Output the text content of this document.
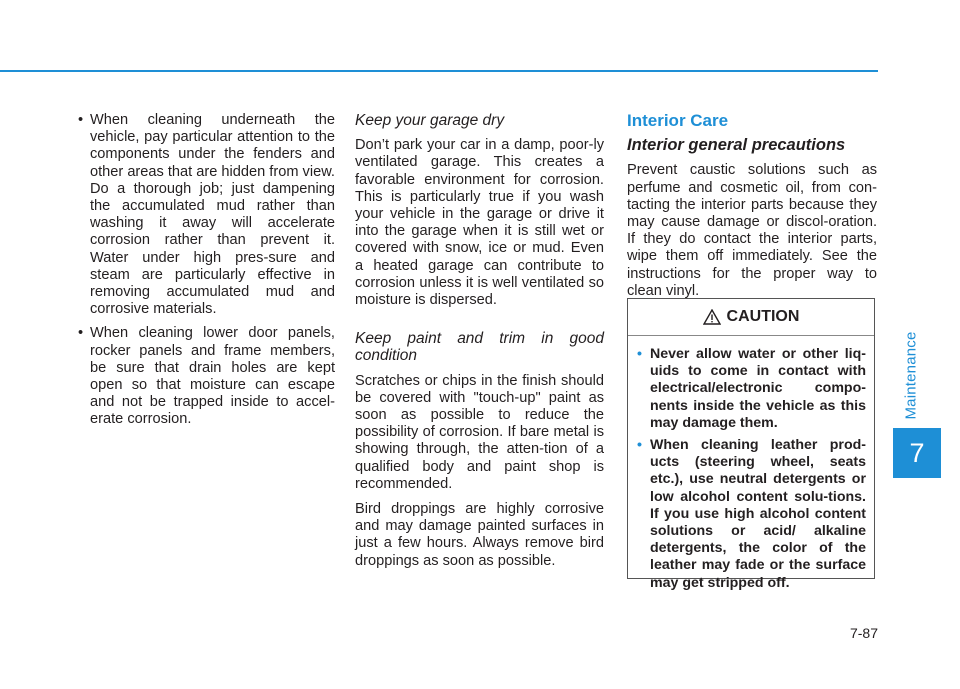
Maintenance
7
7-87
• When cleaning underneath the vehicle, pay particular attention to the components under the fenders and other areas that are hidden from view. Do a thorough job; just dampening the accumulated mud rather than washing it away will accelerate corrosion rather than prevent it. Water under high pres-sure and steam are particularly effective in removing accumulated mud and corrosive materials.
• When cleaning lower door panels, rocker panels and frame members, be sure that drain holes are kept open so that moisture can escape and not be trapped inside to accel-erate corrosion.

Keep your garage dry

Don’t park your car in a damp, poor-ly ventilated garage. This creates a favorable environment for corrosion. This is particularly true if you wash your vehicle in the garage or drive it into the garage when it is still wet or covered with snow, ice or mud. Even a heated garage can contribute to corrosion unless it is well ventilated so moisture is dispersed.

Keep paint and trim in good condition

Scratches or chips in the finish should be covered with "touch-up" paint as soon as possible to reduce the possibility of corrosion. If bare metal is showing through, the atten-tion of a qualified body and paint shop is recommended.

Bird droppings are highly corrosive and may damage painted surfaces in just a few hours. Always remove bird droppings as soon as possible.

Interior Care

Interior general precautions

Prevent caustic solutions such as perfume and cosmetic oil, from con-tacting the interior parts because they may cause damage or discol-oration. If they do contact the interior parts, wipe them off immediately. See the instructions for the proper way to clean vinyl.

CAUTION
• Never allow water or other liq-uids to come in contact with electrical/electronic compo-nents inside the vehicle as this may damage them.
• When cleaning leather prod-ucts (steering wheel, seats etc.), use neutral detergents or low alcohol content solu-tions. If you use high alcohol content solutions or acid/ alkaline detergents, the color of the leather may fade or the surface may get stripped off.
